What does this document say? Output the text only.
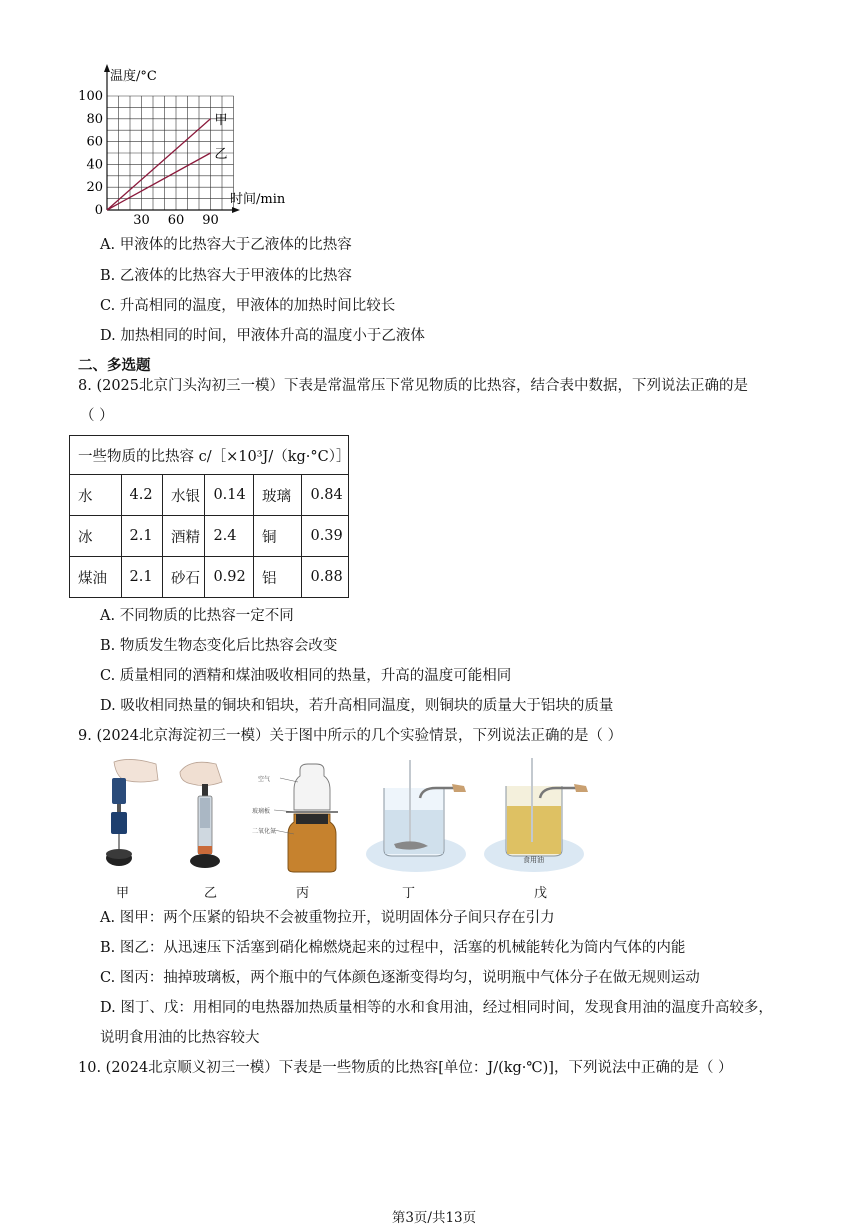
温度/°C
时间/min
100
80
60
40
20
0
30 60 90
甲
乙
A. 甲液体的比热容大于乙液体的比热容
B. 乙液体的比热容大于甲液体的比热容
C. 升高相同的温度，甲液体的加热时间比较长
D. 加热相同的时间，甲液体升高的温度小于乙液体
二、多选题
8. (2025北京门头沟初三一模）下表是常温常压下常见物质的比热容，结合表中数据，下列说法正确的是
（ ）
一些物质的比热容 c/［×10³J/（kg·°C）］					
水	4.2	水银	0.14	玻璃	0.84
冰	2.1	酒精	2.4	铜	0.39
煤油	2.1	砂石	0.92	铝	0.88
A. 不同物质的比热容一定不同
B. 物质发生物态变化后比热容会改变
C. 质量相同的酒精和煤油吸收相同的热量，升高的温度可能相同
D. 吸收相同热量的铜块和铝块，若升高相同温度，则铜块的质量大于铝块的质量
9. (2024北京海淀初三一模）关于图中所示的几个实验情景，下列说法正确的是（ ）
空气
玻璃板
二氧化氮
食用油
甲	乙	丙	丁	戊
A. 图甲：两个压紧的铅块不会被重物拉开，说明固体分子间只存在引力
B. 图乙：从迅速压下活塞到硝化棉燃烧起来的过程中，活塞的机械能转化为筒内气体的内能
C. 图丙：抽掉玻璃板，两个瓶中的气体颜色逐渐变得均匀，说明瓶中气体分子在做无规则运动
D. 图丁、戊：用相同的电热器加热质量相等的水和食用油，经过相同时间，发现食用油的温度升高较多，
说明食用油的比热容较大
10. (2024北京顺义初三一模）下表是一些物质的比热容[单位：J/(kg·℃)]，下列说法中正确的是（ ）
第3页/共13页
